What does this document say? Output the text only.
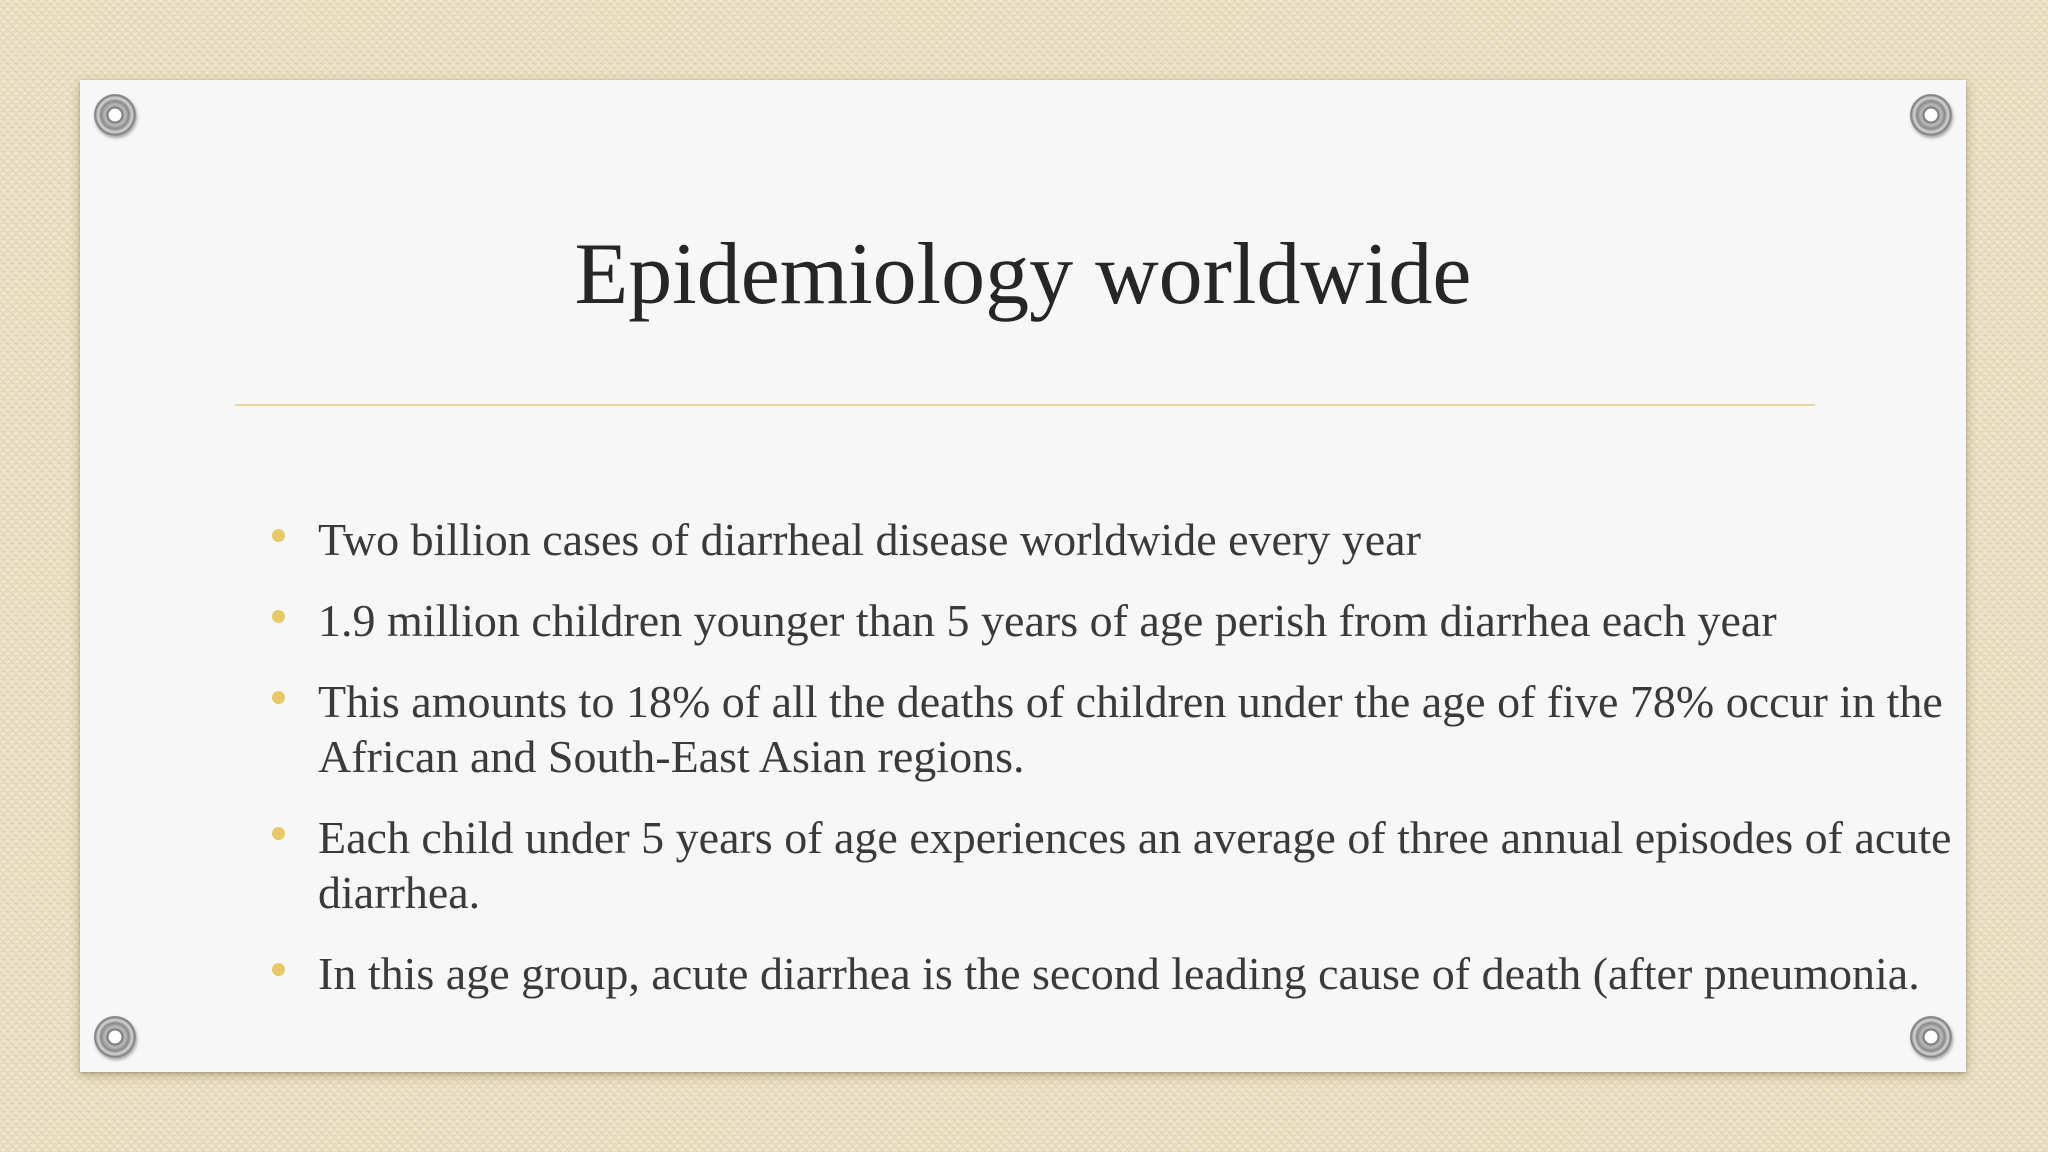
Epidemiology worldwide
Two billion cases of diarrheal disease worldwide every year
1.9 million children younger than 5 years of age perish from diarrhea each year
This amounts to 18% of all the deaths of children under the age of five 78% occur in the African and South-East Asian regions.
Each child under 5 years of age experiences an average of three annual episodes of acute diarrhea.
In this age group, acute diarrhea is the second leading cause of death (after pneumonia.
